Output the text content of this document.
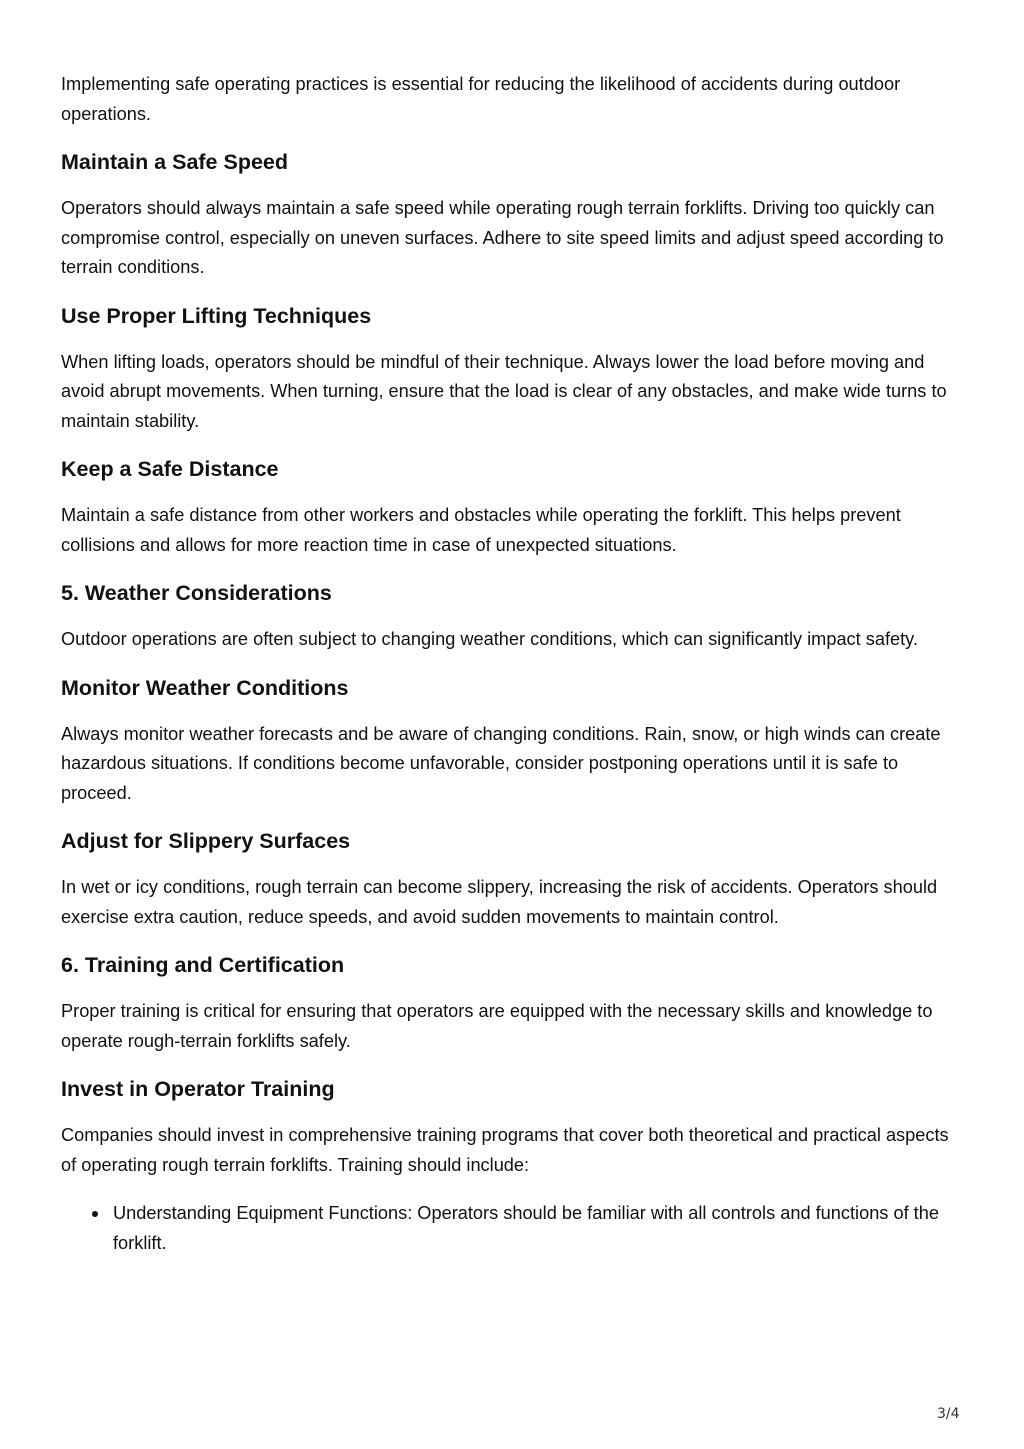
Implementing safe operating practices is essential for reducing the likelihood of accidents during outdoor operations.

Maintain a Safe Speed

Operators should always maintain a safe speed while operating rough terrain forklifts. Driving too quickly can compromise control, especially on uneven surfaces. Adhere to site speed limits and adjust speed according to terrain conditions.

Use Proper Lifting Techniques

When lifting loads, operators should be mindful of their technique. Always lower the load before moving and avoid abrupt movements. When turning, ensure that the load is clear of any obstacles, and make wide turns to maintain stability.

Keep a Safe Distance

Maintain a safe distance from other workers and obstacles while operating the forklift. This helps prevent collisions and allows for more reaction time in case of unexpected situations.

5. Weather Considerations

Outdoor operations are often subject to changing weather conditions, which can significantly impact safety.

Monitor Weather Conditions

Always monitor weather forecasts and be aware of changing conditions. Rain, snow, or high winds can create hazardous situations. If conditions become unfavorable, consider postponing operations until it is safe to proceed.

Adjust for Slippery Surfaces

In wet or icy conditions, rough terrain can become slippery, increasing the risk of accidents. Operators should exercise extra caution, reduce speeds, and avoid sudden movements to maintain control.

6. Training and Certification

Proper training is critical for ensuring that operators are equipped with the necessary skills and knowledge to operate rough-terrain forklifts safely.

Invest in Operator Training

Companies should invest in comprehensive training programs that cover both theoretical and practical aspects of operating rough terrain forklifts. Training should include:

Understanding Equipment Functions: Operators should be familiar with all controls and functions of the forklift.
3/4
